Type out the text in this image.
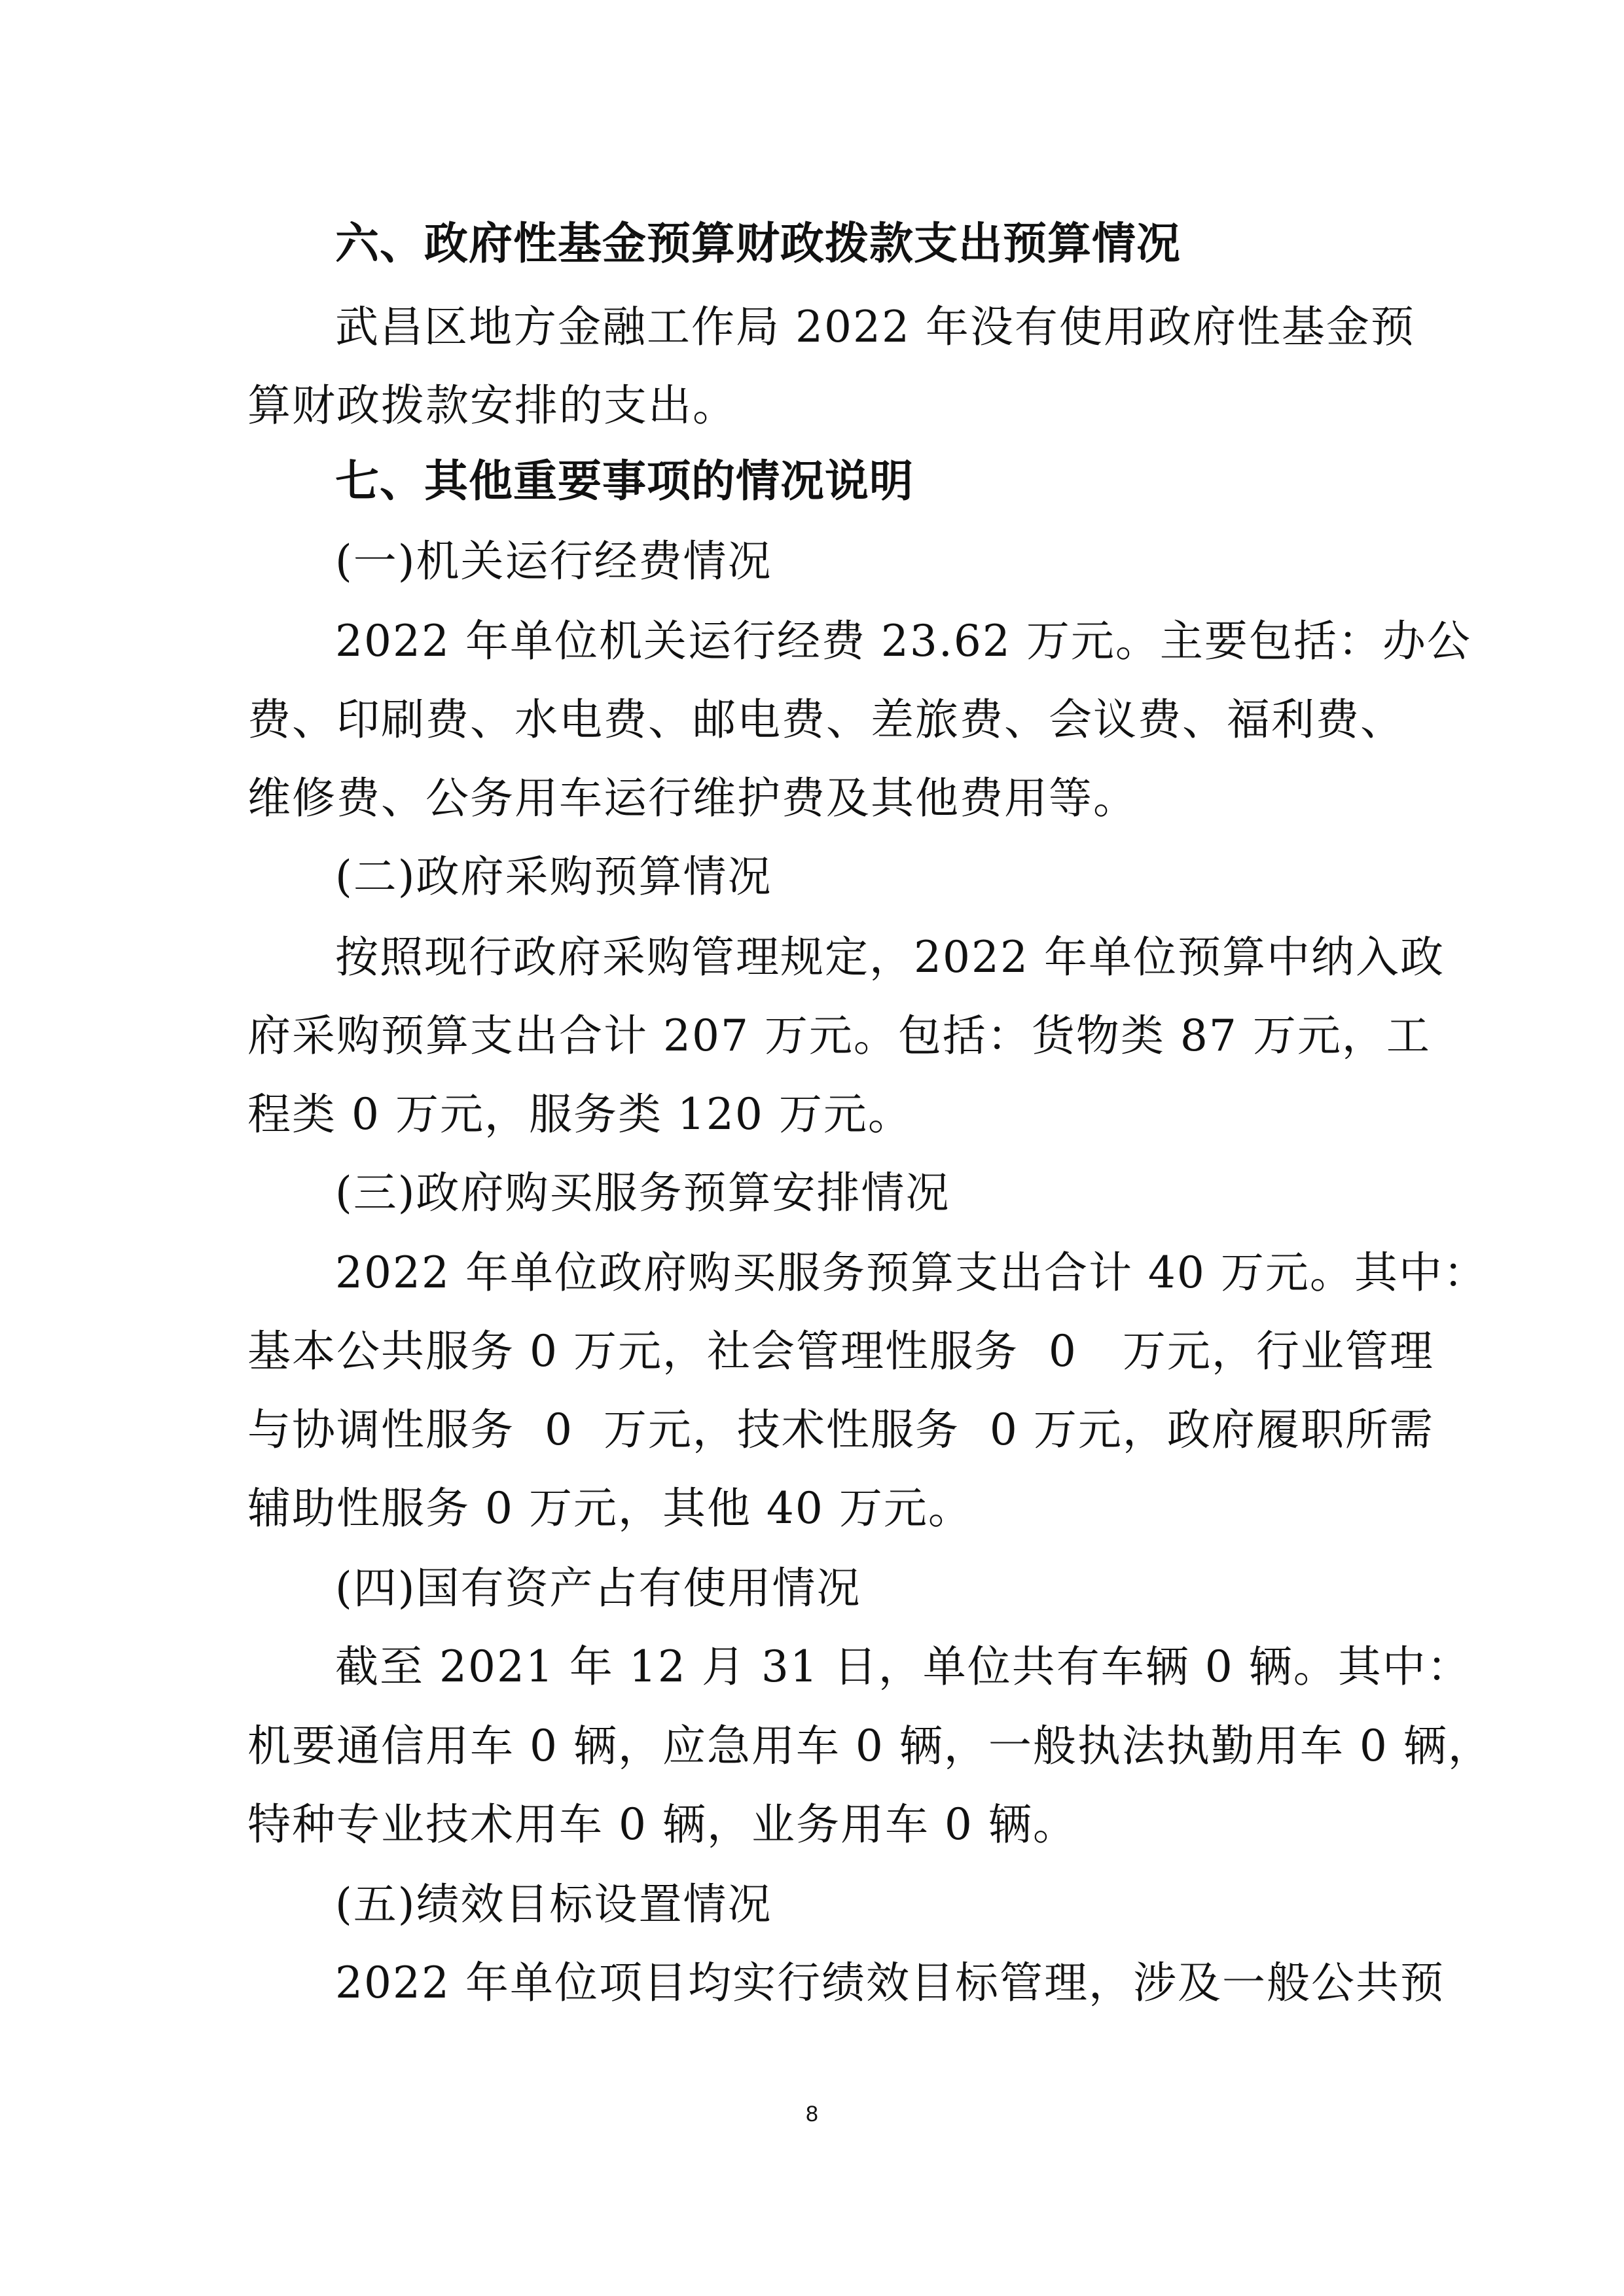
六、政府性基金预算财政拨款支出预算情况
武昌区地方金融工作局 2022 年没有使用政府性基金预
算财政拨款安排的支出。
七、其他重要事项的情况说明
(一)机关运行经费情况
2022 年单位机关运行经费 23.62 万元。主要包括：办公
费、印刷费、水电费、邮电费、差旅费、会议费、福利费、
维修费、公务用车运行维护费及其他费用等。
(二)政府采购预算情况
按照现行政府采购管理规定，2022 年单位预算中纳入政
府采购预算支出合计 207 万元。包括：货物类 87 万元，工
程类 0 万元，服务类 120 万元。
(三)政府购买服务预算安排情况
2022 年单位政府购买服务预算支出合计 40 万元。其中：
基本公共服务 0 万元，社会管理性服务  0   万元，行业管理
与协调性服务  0  万元，技术性服务  0 万元，政府履职所需
辅助性服务 0 万元，其他 40 万元。
(四)国有资产占有使用情况
截至 2021 年 12 月 31 日，单位共有车辆 0 辆。其中：
机要通信用车 0 辆，应急用车 0 辆，一般执法执勤用车 0 辆，
特种专业技术用车 0 辆，业务用车 0 辆。
(五)绩效目标设置情况
2022 年单位项目均实行绩效目标管理，涉及一般公共预
8
